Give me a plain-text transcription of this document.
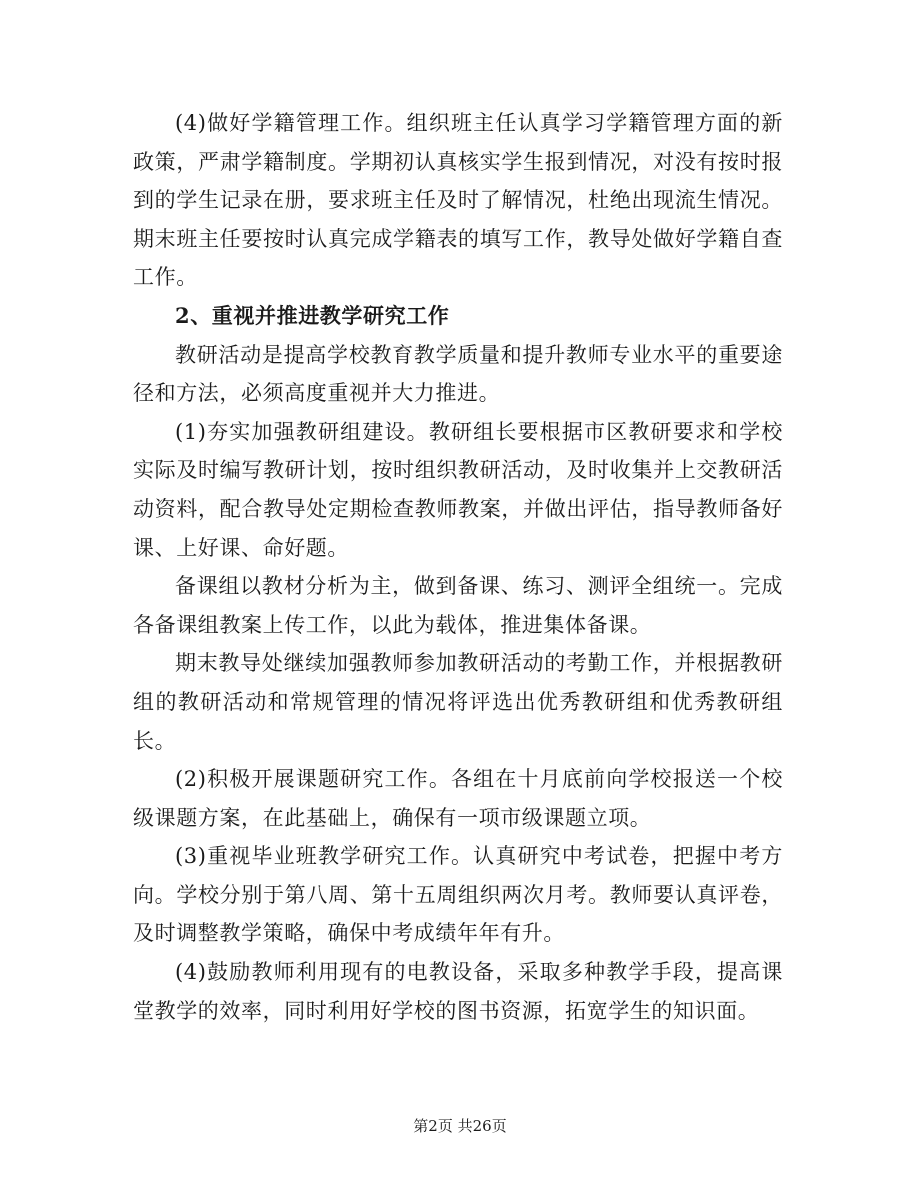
(4)做好学籍管理工作。组织班主任认真学习学籍管理方面的新政策，严肃学籍制度。学期初认真核实学生报到情况，对没有按时报到的学生记录在册，要求班主任及时了解情况，杜绝出现流生情况。期末班主任要按时认真完成学籍表的填写工作，教导处做好学籍自查工作。

2、重视并推进教学研究工作

教研活动是提高学校教育教学质量和提升教师专业水平的重要途径和方法，必须高度重视并大力推进。

(1)夯实加强教研组建设。教研组长要根据市区教研要求和学校实际及时编写教研计划，按时组织教研活动，及时收集并上交教研活动资料，配合教导处定期检查教师教案，并做出评估，指导教师备好课、上好课、命好题。

备课组以教材分析为主，做到备课、练习、测评全组统一。完成各备课组教案上传工作，以此为载体，推进集体备课。

期末教导处继续加强教师参加教研活动的考勤工作，并根据教研组的教研活动和常规管理的情况将评选出优秀教研组和优秀教研组长。

(2)积极开展课题研究工作。各组在十月底前向学校报送一个校级课题方案，在此基础上，确保有一项市级课题立项。

(3)重视毕业班教学研究工作。认真研究中考试卷，把握中考方向。学校分别于第八周、第十五周组织两次月考。教师要认真评卷，及时调整教学策略，确保中考成绩年年有升。

(4)鼓励教师利用现有的电教设备，采取多种教学手段，提高课堂教学的效率，同时利用好学校的图书资源，拓宽学生的知识面。

第2页 共26页
